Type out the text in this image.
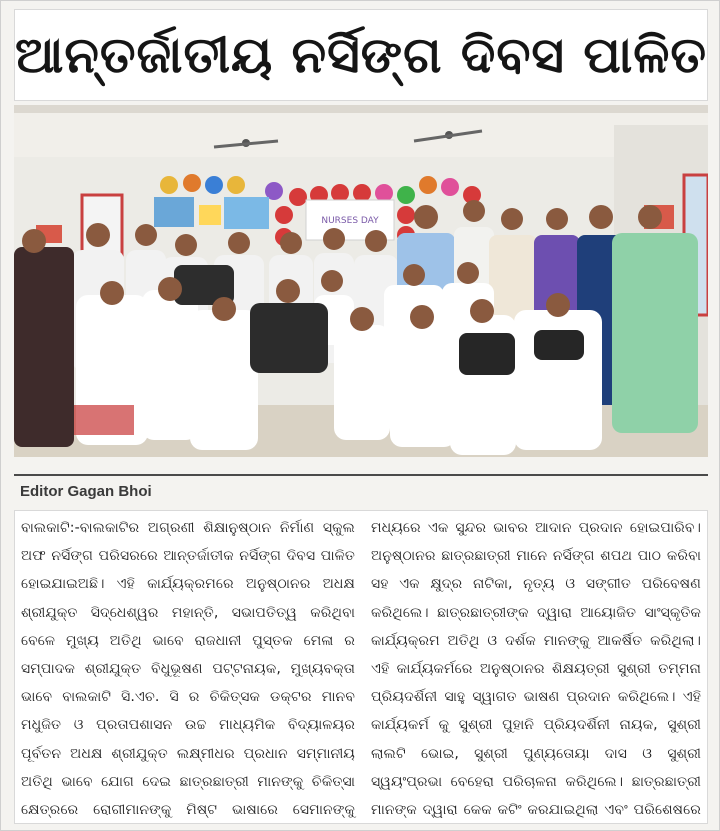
ଆନ୍ତର୍ଜାତୀୟ ନର୍ସିଙ୍ଗ ଦିବସ ପାଳିତ
NURSES DAY
Editor Gagan Bhoi
ବାଲକାଟି:-ବାଲକାଟିର ଅଗ୍ରଣୀ ଶିକ୍ଷାନୁଷ୍ଠାନ ନିର୍ମାଣ ସ୍କୁଲ ଅଫ ନର୍ସିଙ୍ଗ ପରିସରରେ ଆନ୍ତର୍ଜାତୀକ ନର୍ସିଙ୍ଗ ଦିବସ ପାଳିତ ହୋଇଯାଇଅଛି। ଏହି କାର୍ଯ୍ୟକ୍ରମରେ ଅନୁଷ୍ଠାନର ଅଧକ୍ଷ ଶ୍ରୀଯୁକ୍ତ ସିଦ୍ଧେଶ୍ୱର ମହାନ୍ତି, ସଭାପତିତ୍ୱ କରିଥିବା ବେଳେ ମୁଖ୍ୟ ଅତିଥି ଭାବେ ରାଜଧାନୀ ପୁସ୍ତକ ମେଳା ର ସମ୍ପାଦକ ଶ୍ରୀଯୁକ୍ତ ବିଧୁଭୂଷଣ ପଟ୍ଟନାୟକ, ମୁଖ୍ୟବକ୍ତା ଭାବେ ବାଲକାଟି ସି.ଏଚ. ସି ର ଚିକିତ୍ସକ ଡକ୍ଟର ମାନବ ମଧୁଜିତ ଓ ପ୍ରତାପଶାସନ ଉଚ୍ଚ ମାଧ୍ୟମିକ ବିଦ୍ୟାଳୟର ପୂର୍ବତନ ଅଧକ୍ଷ ଶ୍ରୀଯୁକ୍ତ ଲକ୍ଷ୍ମୀଧର ପ୍ରଧାନ ସମ୍ମାନୀୟ ଅତିଥି ଭାବେ ଯୋଗ ଦେଇ ଛାତ୍ରଛାତ୍ରୀ ମାନଙ୍କୁ ଚିକିତ୍ସା କ୍ଷେତ୍ରରେ ରୋଗୀମାନଙ୍କୁ ମିଷ୍ଟ ଭାଷାରେ ସେମାନଙ୍କୁ
ମଧ୍ୟରେ ଏକ ସୁନ୍ଦର ଭାବର ଆଦାନ ପ୍ରଦାନ ହୋଇପାରିବ। ଅନୁଷ୍ଠାନର ଛାତ୍ରଛାତ୍ରୀ ମାନେ ନର୍ସିଙ୍ଗ ଶପଥ ପାଠ କରିବା ସହ ଏକ କ୍ଷୁଦ୍ର ନାଟିକା, ନୃତ୍ୟ ଓ ସଙ୍ଗୀତ ପରିବେଷଣ କରିଥିଲେ। ଛାତ୍ରଛାତ୍ରୀଙ୍କ ଦ୍ୱାରା ଆୟୋଜିତ ସାଂସ୍କୃତିକ କାର୍ଯ୍ୟକ୍ରମ ଅତିଥି ଓ ଦର୍ଶକ ମାନଙ୍କୁ ଆକର୍ଷିତ କରିଥିଲା। ଏହି କାର୍ଯ୍ୟକର୍ମରେ ଅନୁଷ୍ଠାନର ଶିକ୍ଷୟତ୍ରୀ ସୁଶ୍ରୀ ତମ୍ମନା ପ୍ରିୟଦର୍ଶିନୀ ସାହୁ ସ୍ୱାଗତ ଭାଷଣ ପ୍ରଦାନ କରିଥିଲେ। ଏହି କାର୍ଯ୍ୟକର୍ମ କୁ ସୁଶ୍ରୀ ପୁହାନି ପ୍ରିୟଦର୍ଶିନୀ ନାୟକ, ସୁଶ୍ରୀ ଲାଲଟି ଭୋଇ, ସୁଶ୍ରୀ ପୁଣ୍ୟତୋୟା ଦାସ ଓ ସୁଶ୍ରୀ ସ୍ୱୟଂପ୍ରଭା ବେହେରା ପରିଚାଳନା କରିଥିଲେ। ଛାତ୍ରଛାତ୍ରୀ ମାନଙ୍କ ଦ୍ୱାରା କେକ କଟିଂ କରଯାଇଥିଲା ଏବଂ ପରିଶେଷରେ
